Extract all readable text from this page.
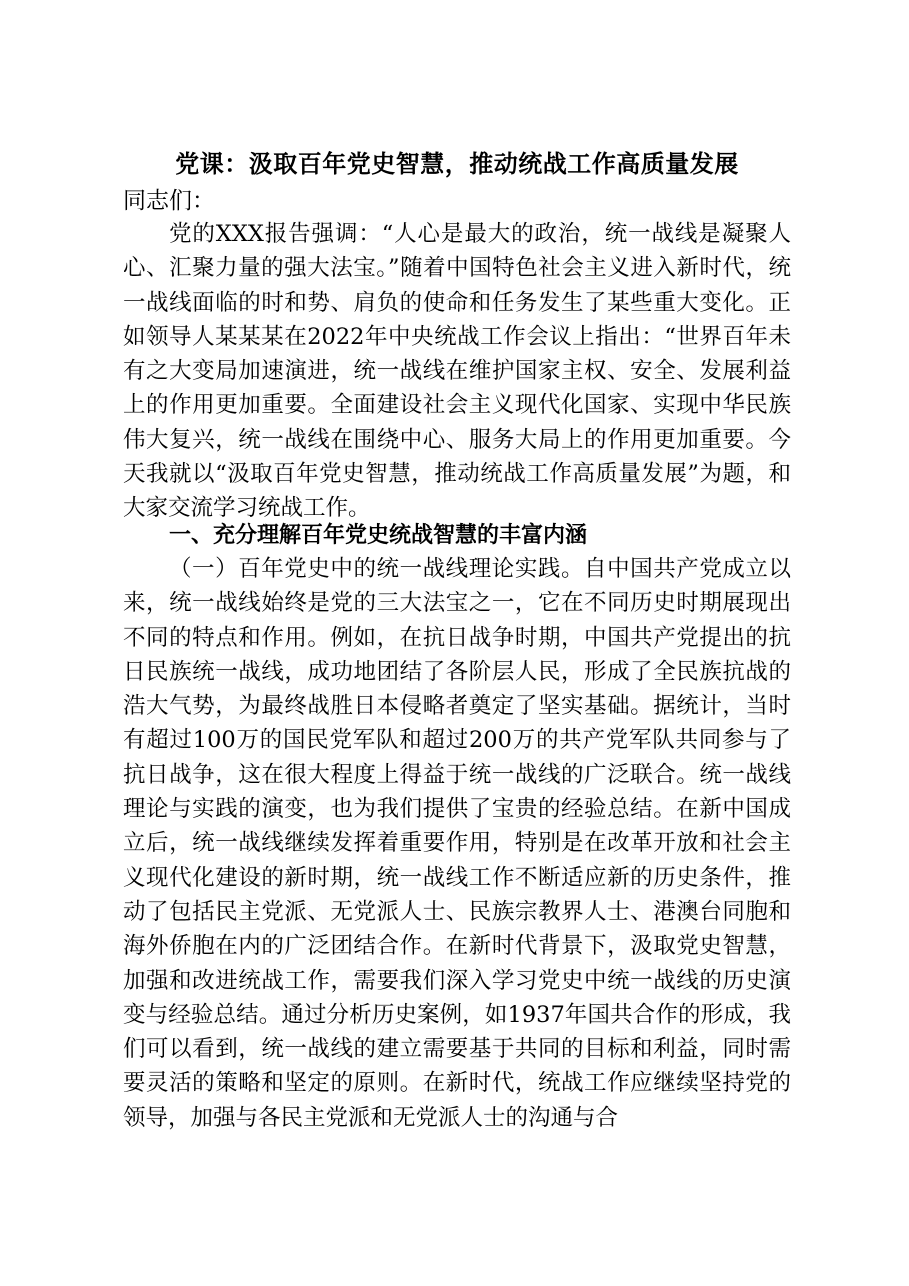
党课：汲取百年党史智慧，推动统战工作高质量发展
同志们：

党的XXX报告强调：“人心是最大的政治，统一战线是凝聚人心、汇聚力量的强大法宝。”随着中国特色社会主义进入新时代，统一战线面临的时和势、肩负的使命和任务发生了某些重大变化。正如领导人某某某在2022年中央统战工作会议上指出：“世界百年未有之大变局加速演进，统一战线在维护国家主权、安全、发展利益上的作用更加重要。全面建设社会主义现代化国家、实现中华民族伟大复兴，统一战线在围绕中心、服务大局上的作用更加重要。今天我就以“汲取百年党史智慧，推动统战工作高质量发展”为题，和大家交流学习统战工作。

一、充分理解百年党史统战智慧的丰富内涵

（一）百年党史中的统一战线理论实践。自中国共产党成立以来，统一战线始终是党的三大法宝之一，它在不同历史时期展现出不同的特点和作用。例如，在抗日战争时期，中国共产党提出的抗日民族统一战线，成功地团结了各阶层人民，形成了全民族抗战的浩大气势，为最终战胜日本侵略者奠定了坚实基础。据统计，当时有超过100万的国民党军队和超过200万的共产党军队共同参与了抗日战争，这在很大程度上得益于统一战线的广泛联合。统一战线理论与实践的演变，也为我们提供了宝贵的经验总结。在新中国成立后，统一战线继续发挥着重要作用，特别是在改革开放和社会主义现代化建设的新时期，统一战线工作不断适应新的历史条件，推动了包括民主党派、无党派人士、民族宗教界人士、港澳台同胞和海外侨胞在内的广泛团结合作。在新时代背景下，汲取党史智慧，加强和改进统战工作，需要我们深入学习党史中统一战线的历史演变与经验总结。通过分析历史案例，如1937年国共合作的形成，我们可以看到，统一战线的建立需要基于共同的目标和利益，同时需要灵活的策略和坚定的原则。在新时代，统战工作应继续坚持党的领导，加强与各民主党派和无党派人士的沟通与合
